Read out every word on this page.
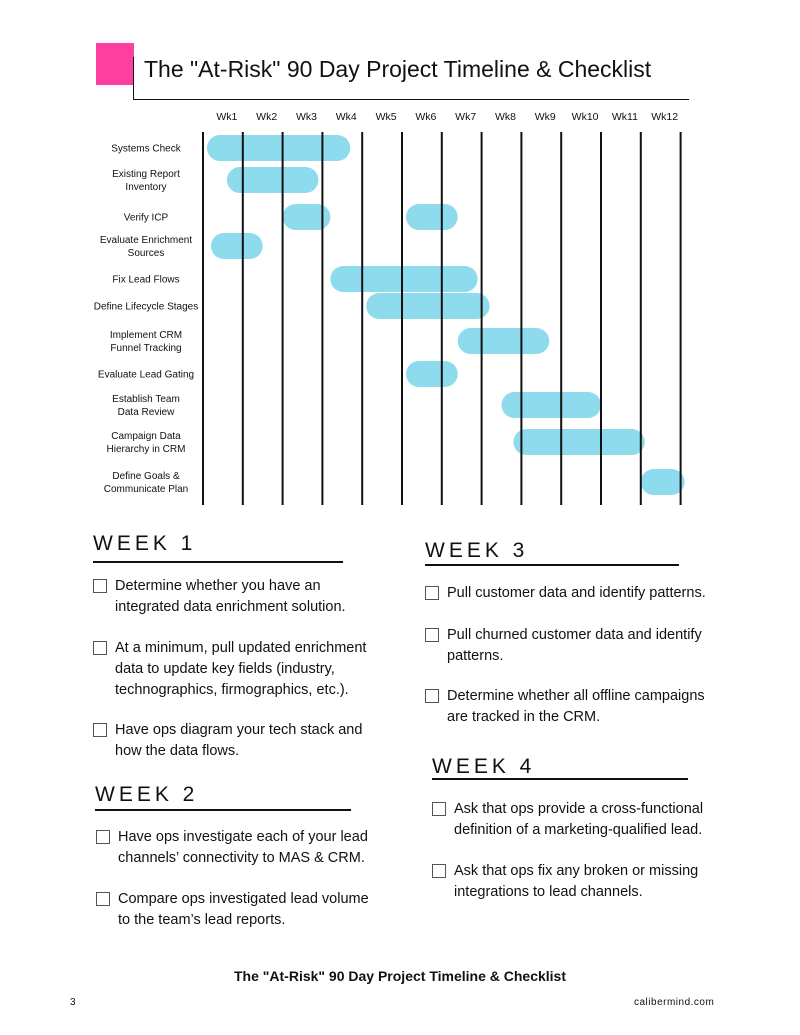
The "At-Risk" 90 Day Project Timeline & Checklist
Wk1 Wk2 Wk3 Wk4 Wk5 Wk6 Wk7 Wk8 Wk9 Wk10 Wk11 Wk12
Systems Check
Existing Report
Inventory
Verify ICP
Evaluate Enrichment
Sources
Fix Lead Flows
Define Lifecycle Stages
Implement CRM
Funnel Tracking
Evaluate Lead Gating
Establish Team
Data Review
Campaign Data
Hierarchy in CRM
Define Goals &
Communicate Plan
WEEK 1
Determine whether you have an
integrated data enrichment solution.
At a minimum, pull updated enrichment
data to update key fields (industry,
technographics, firmographics, etc.).
Have ops diagram your tech stack and
how the data flows.
WEEK 2
Have ops investigate each of your lead
channels’ connectivity to MAS & CRM.
Compare ops investigated lead volume
to the team’s lead reports.
WEEK 3
Pull customer data and identify patterns.
Pull churned customer data and identify
patterns.
Determine whether all offline campaigns
are tracked in the CRM.
WEEK 4
Ask that ops provide a cross-functional
definition of a marketing-qualified lead.
Ask that ops fix any broken or missing
integrations to lead channels.
The "At-Risk" 90 Day Project Timeline & Checklist
3	calibermind.com
